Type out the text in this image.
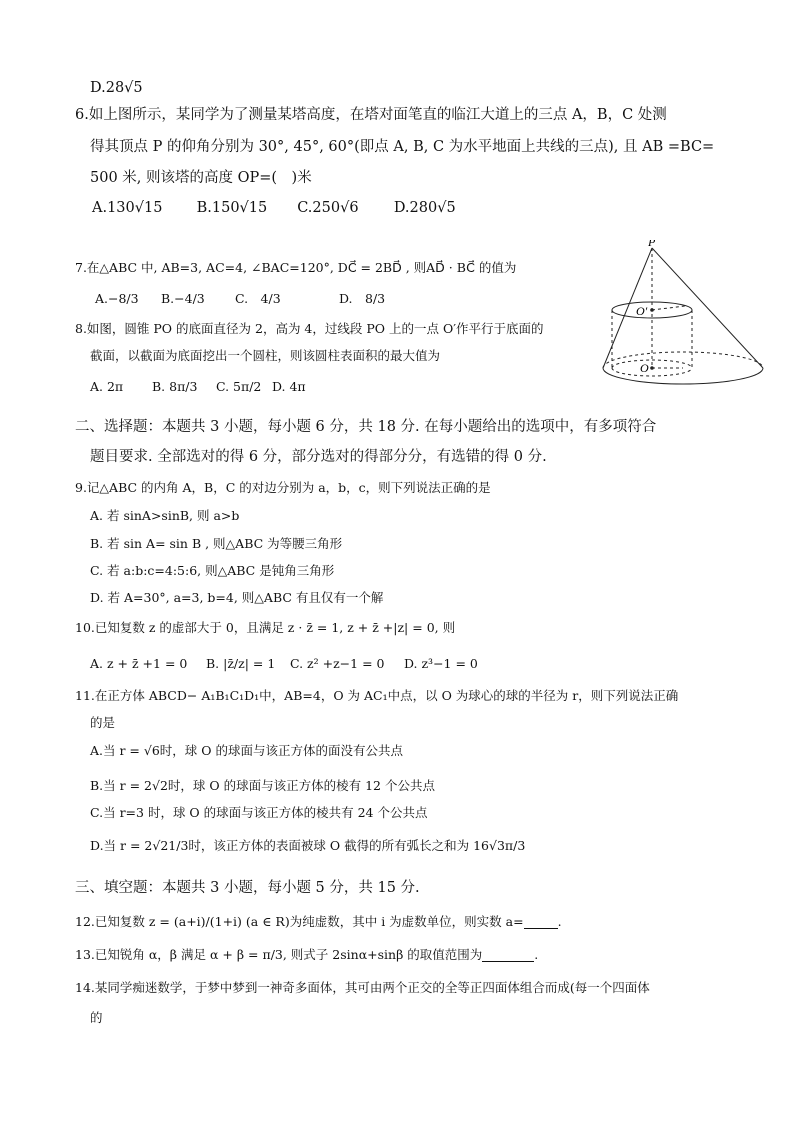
D.28√5
6.如上图所示，某同学为了测量某塔高度，在塔对面笔直的临江大道上的三点 A，B，C 处测
得其顶点 P 的仰角分别为 30°, 45°, 60°(即点 A, B, C 为水平地面上共线的三点), 且 AB =BC=
500 米, 则该塔的高度 OP=(　)米
A.130√15 B.150√15 C.250√6 D.280√5
7.在△ABC 中, AB=3, AC=4, ∠BAC=120°, DC⃗ = 2BD⃗ , 则AD⃗ · BC⃗ 的值为
A.−8/3 B.−4/3 C.　4/3	D.　8/3
8.如图，圆锥 PO 的底面直径为 2，高为 4，过线段 PO 上的一点 O′作平行于底面的
截面，以截面为底面挖出一个圆柱，则该圆柱表面积的最大值为
A. 2π B. 8π/3 C. 5π/2 D. 4π
P
O′
O
二、选择题：本题共 3 小题，每小题 6 分，共 18 分. 在每小题给出的选项中，有多项符合
题目要求. 全部选对的得 6 分，部分选对的得部分分，有选错的得 0 分.
9.记△ABC 的内角 A，B，C 的对边分别为 a，b，c，则下列说法正确的是
A. 若 sinA>sinB, 则 a>b
B. 若 sin A= sin B , 则△ABC 为等腰三角形
C. 若 a:b:c=4:5:6, 则△ABC 是钝角三角形
D. 若 A=30°, a=3, b=4, 则△ABC 有且仅有一个解
10.已知复数 z 的虚部大于 0，且满足 z · z̄ = 1, z + z̄ +|z| = 0, 则
A. z + z̄ +1 = 0 B. |z̄/z| = 1 C. z² +z−1 = 0 D. z³−1 = 0
11.在正方体 ABCD− A₁B₁C₁D₁中，AB=4，O 为 AC₁中点，以 O 为球心的球的半径为 r，则下列说法正确
的是
A.当 r = √6时，球 O 的球面与该正方体的面没有公共点
B.当 r = 2√2时，球 O 的球面与该正方体的棱有 12 个公共点
C.当 r=3 时，球 O 的球面与该正方体的棱共有 24 个公共点
D.当 r = 2√21/3时，该正方体的表面被球 O 截得的所有弧长之和为 16√3π/3
三、填空题：本题共 3 小题，每小题 5 分，共 15 分.
12.已知复数 z = (a+i)/(1+i) (a ∈ R)为纯虚数，其中 i 为虚数单位，则实数 a=	.
13.已知锐角 α，β 满足 α + β = π/3, 则式子 2sinα+sinβ 的取值范围为	.
14.某同学痴迷数学，于梦中梦到一神奇多面体，其可由两个正交的全等正四面体组合而成(每一个四面体
的
